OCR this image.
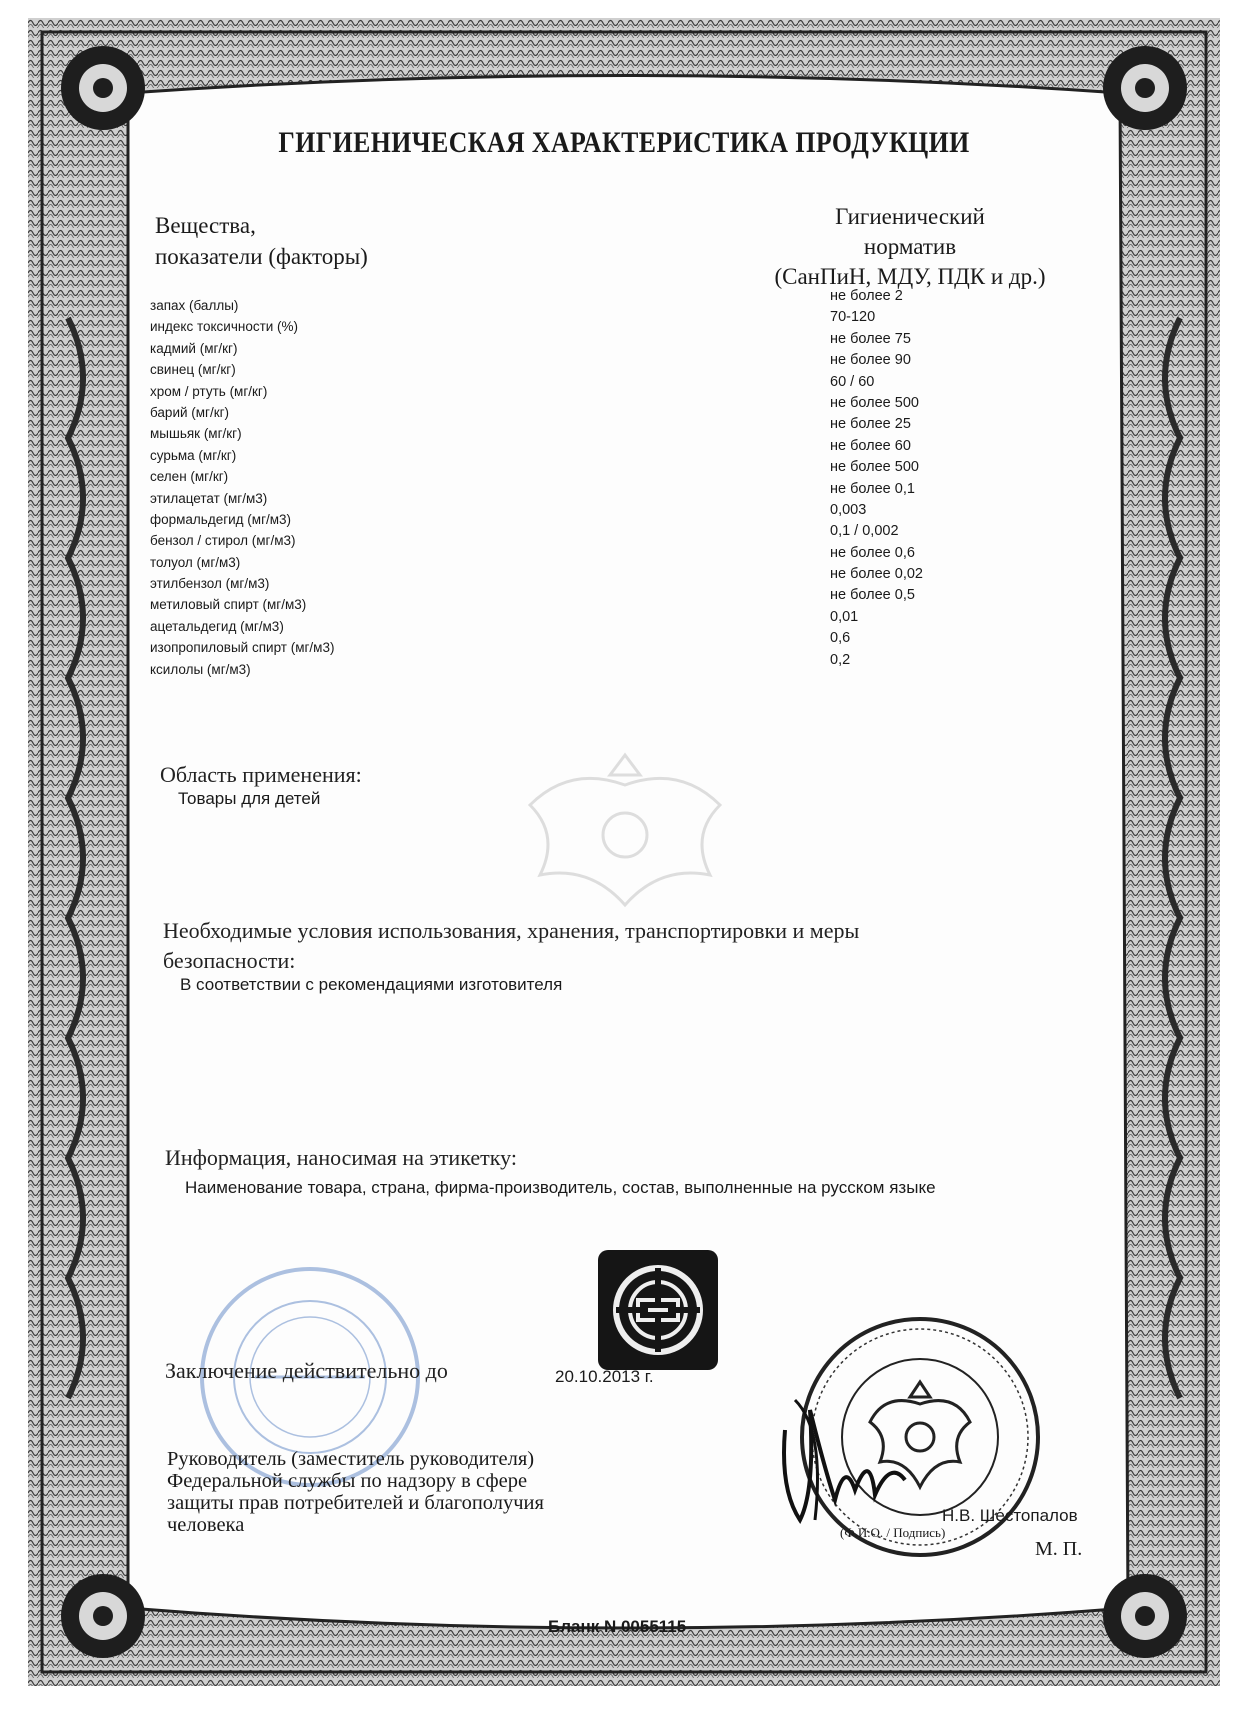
ГИГИЕНИЧЕСКАЯ ХАРАКТЕРИСТИКА ПРОДУКЦИИ
Вещества,
показатели (факторы)
Гигиенический
норматив
(СанПиН, МДУ, ПДК и др.)
запах (баллы)
не более 2
индекс токсичности (%)
70-120
кадмий (мг/кг)
не более 75
свинец (мг/кг)
не более 90
хром / ртуть (мг/кг)
60 / 60
барий (мг/кг)
не более 500
мышьяк (мг/кг)
не более 25
сурьма (мг/кг)
не более 60
селен (мг/кг)
не более 500
этилацетат (мг/м3)
не более 0,1
формальдегид (мг/м3)
0,003
бензол / стирол (мг/м3)
0,1 / 0,002
толуол (мг/м3)
не более 0,6
этилбензол (мг/м3)
не более 0,02
метиловый спирт (мг/м3)
не более 0,5
ацетальдегид (мг/м3)
0,01
изопропиловый спирт (мг/м3)
0,6
ксилолы (мг/м3)
0,2
Область применения:
Товары для детей
Необходимые условия использования, хранения, транспортировки и меры
безопасности:
В соответствии с рекомендациями изготовителя
Информация, наносимая на этикетку:
Наименование товара, страна, фирма-производитель, состав, выполненные на русском языке
Заключение действительно до	20.10.2013 г.
Руководитель (заместитель руководителя)
Федеральной службы по надзору в сфере
защиты прав потребителей и благополучия
человека	Н.В. Шестопалов
(Ф.И.О. / Подпись)
М. П.
Бланк N 0055115
